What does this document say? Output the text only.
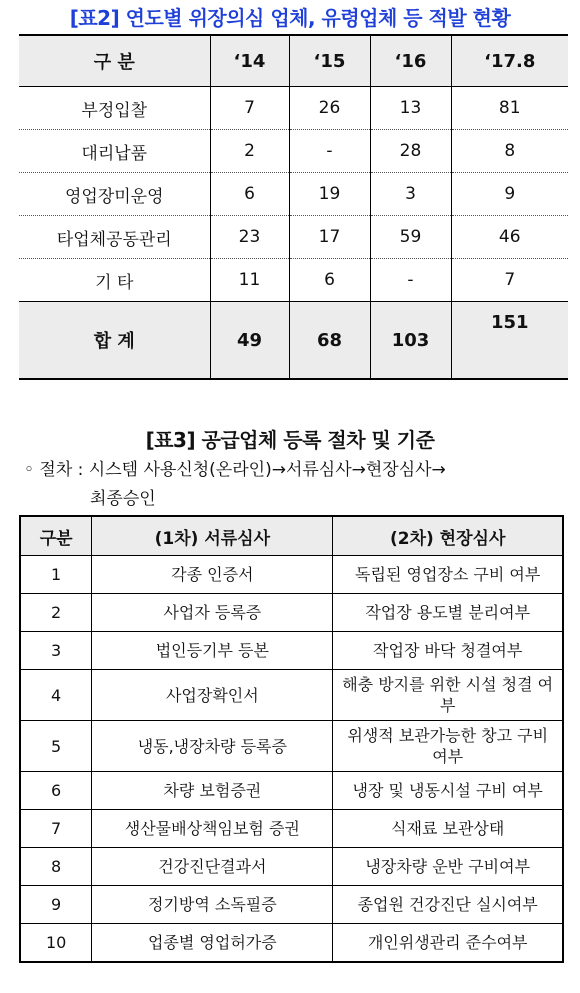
[표2] 연도별 위장의심 업체, 유령업체 등 적발 현황
구 분	‘14	‘15	‘16	‘17.8
부정입찰	7	26	13	81
대리납품	2	-	28	8
영업장미운영	6	19	3	9
타업체공동관리	23	17	59	46
기 타	11	6	-	7
합 계	49	68	103	151
[표3] 공급업체 등록 절차 및 기준
◦ 절차 : 시스템 사용신청(온라인)→서류심사→현장심사→
최종승인
구분	(1차) 서류심사	(2차) 현장심사
1	각종 인증서	독립된 영업장소 구비 여부
2	사업자 등록증	작업장 용도별 분리여부
3	법인등기부 등본	작업장 바닥 청결여부
4	사업장확인서	해충 방지를 위한 시설 청결 여부
5	냉동,냉장차량 등록증	위생적 보관가능한 창고 구비 여부
6	차량 보험증권	냉장 및 냉동시설 구비 여부
7	생산물배상책임보험 증권	식재료 보관상태
8	건강진단결과서	냉장차량 운반 구비여부
9	정기방역 소독필증	종업원 건강진단 실시여부
10	업종별 영업허가증	개인위생관리 준수여부
